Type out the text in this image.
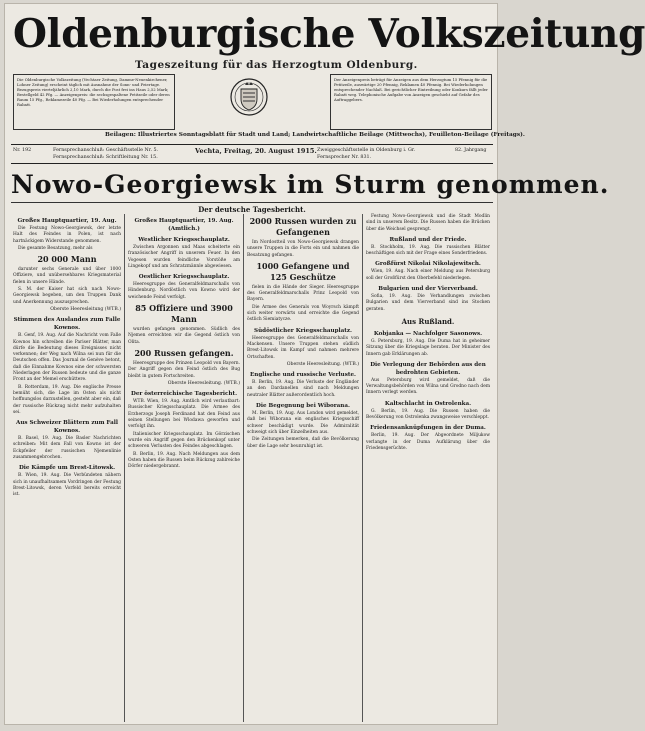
Oldenburgische Volkszeitung
Tageszeitung für das Herzogtum Oldenburg.
Die Oldenburgische Volkszeitung (Vechtaer Zeitung, Damme-Neuenkirchener, Lohner Zeitung) erscheint täglich mit Ausnahme der Sonn- und Feiertage. Bezugspreis vierteljährlich 2,10 Mark, durch die Post frei ins Haus 2,52 Mark; Bestellgeld 42 Pfg. — Anzeigenpreis: die sechsgespaltene Petitzeile oder deren Raum 15 Pfg., Reklamezeile 40 Pfg. — Bei Wiederholungen entsprechender Rabatt.
Der Anzeigenpreis beträgt für Anzeigen aus dem Herzogtum 15 Pfennig für die Petitzeile, auswärtige 20 Pfennig, Reklamen 40 Pfennig. Bei Wiederholungen entsprechender Nachlaß. Bei gerichtlicher Eintreibung oder Konkurs fällt jeder Rabatt weg. Telephonische Aufgabe von Anzeigen geschieht auf Gefahr des Auftraggebers.
Beilagen: Illustriertes Sonntagsblatt für Stadt und Land; Landwirtschaftliche Beilage (Mittwochs), Feuilleton-Beilage (Freitags).
Nr. 192	Fernsprechanschluß: Geschäftsstelle Nr. 5. Fernsprechanschluß: Schriftleitung Nr. 15.
Vechta, Freitag, 20. August 1915. Zweiggeschäftsstelle in Oldenburg i. Gr. Fernsprecher Nr. 831.
82. Jahrgang
Nowo-Georgiewsk im Sturm genommen.
Der deutsche Tagesbericht.

Großes Hauptquartier, 19. Aug.

Die Festung Nowo-Georgiewsk, der letzte Halt des Feindes in Polen, ist nach hartnäckigem Widerstande genommen.

Die gesamte Besatzung, mehr als

20 000 Mann

darunter sechs Generale und über 1000 Offiziere, und unübersehbares Kriegsmaterial fielen in unsere Hände.

S. M. der Kaiser hat sich nach Nowo-Georgiewsk begeben, um den Truppen Dank und Anerkennung auszusprechen.

Oberste Heeresleitung (WTB.)

Stimmen des Auslandes zum Falle Kownos.

B. Genf, 19. Aug. Auf die Nachricht vom Falle Kownos hin schreiben die Pariser Blätter, man dürfe die Bedeutung dieses Ereignisses nicht verkennen; der Weg nach Wilna sei nun für die Deutschen offen. Das Journal de Genève betont, daß die Einnahme Kownos eine der schwersten Niederlagen der Russen bedeute und die ganze Front an der Memel erschüttere.

B. Rotterdam, 19. Aug. Die englische Presse bemüht sich, die Lage im Osten als nicht hoffnungslos darzustellen, gesteht aber ein, daß der russische Rückzug nicht mehr aufzuhalten sei.

Aus Schweizer Blättern zum Fall Kownos.

B. Basel, 19. Aug. Die Basler Nachrichten schreiben: Mit dem Fall von Kowno ist der Eckpfeiler der russischen Njemenlinie zusammengebrochen.

Die Kämpfe um Brest-Litowsk.

B. Wien, 19. Aug. Die Verbündeten nähern sich in unaufhaltsamem Vordringen der Festung Brest-Litowsk, deren Vorfeld bereits erreicht ist.

Großes Hauptquartier, 19. Aug. (Amtlich.)

Westlicher Kriegsschauplatz.

Zwischen Argonnen und Maas scheiterte ein französischer Angriff in unserem Feuer. In den Vogesen wurden feindliche Vorstöße am Lingekopf und am Schratzmännle abgewiesen.

Oestlicher Kriegsschauplatz.

Heeresgruppe des Generalfeldmarschalls von Hindenburg. Nordöstlich von Kowno wird der weichende Feind verfolgt.

85 Offiziere und 3900 Mann

wurden gefangen genommen. Südlich des Njemen erreichten wir die Gegend östlich von Olita.

200 Russen gefangen.

Heeresgruppe des Prinzen Leopold von Bayern. Der Angriff gegen den Feind östlich des Bug bleibt in gutem Fortschreiten.

Oberste Heeresleitung. (WTB.)

Der österreichische Tagesbericht.

WTB. Wien, 19. Aug. Amtlich wird verlautbart: Russischer Kriegsschauplatz. Die Armee des Erzherzogs Joseph Ferdinand hat den Feind aus seinen Stellungen bei Wlodawa geworfen und verfolgt ihn.

Italienischer Kriegsschauplatz. Im Görzischen wurde ein Angriff gegen den Brückenkopf unter schweren Verlusten des Feindes abgeschlagen.

B. Berlin, 19. Aug. Nach Meldungen aus dem Osten haben die Russen beim Rückzug zahlreiche Dörfer niedergebrannt.

2000 Russen wurden zu Gefangenen

Im Nordostteil von Nowo-Georgiewsk drangen unsere Truppen in die Forts ein und nahmen die Besatzung gefangen.

1000 Gefangene und 125 Geschütze

fielen in die Hände der Sieger. Heeresgruppe des Generalfeldmarschalls Prinz Leopold von Bayern.

Die Armee des Generals von Woyrsch kämpft sich weiter vorwärts und erreichte die Gegend östlich Siemiatycze.

Südöstlicher Kriegsschauplatz.

Heeresgruppe des Generalfeldmarschalls von Mackensen. Unsere Truppen stehen südlich Brest-Litowsk im Kampf und nahmen mehrere Ortschaften.

Oberste Heeresleitung. (WTB.)

Englische und russische Verluste.

B. Berlin, 19. Aug. Die Verluste der Engländer an den Dardanellen sind nach Meldungen neutraler Blätter außerordentlich hoch.

Die Begegnung bei Wiborana.

M. Berlin, 19. Aug. Aus London wird gemeldet, daß bei Wiborana ein englisches Kriegsschiff schwer beschädigt wurde. Die Admiralität schweigt sich über Einzelheiten aus.

Die Zeitungen bemerken, daß die Bevölkerung über die Lage sehr beunruhigt ist.

Festung Nowo-Georgiewsk und die Stadt Modlin sind in unserem Besitz. Die Russen haben die Brücken über die Weichsel gesprengt.

Rußland und der Friede.

B. Stockholm, 19. Aug. Die russischen Blätter beschäftigen sich mit der Frage eines Sonderfriedens.

Großfürst Nikolai Nikolajewitsch.

Wien, 19. Aug. Nach einer Meldung aus Petersburg soll der Großfürst den Oberbefehl niederlegen.

Bulgarien und der Vierverband.

Sofia, 19. Aug. Die Verhandlungen zwischen Bulgarien und dem Vierverband sind ins Stocken geraten.

Aus Rußland.

Kobjanka — Nachfolger Sasonows.

G. Petersburg, 19. Aug. Die Duma hat in geheimer Sitzung über die Kriegslage beraten. Der Minister des Innern gab Erklärungen ab.

Die Verlegung der Behörden aus den bedrohten Gebieten.

Aus Petersburg wird gemeldet, daß die Verwaltungsbehörden von Wilna und Grodno nach dem Innern verlegt werden.

Kaltschlacht in Ostrolenka.

G. Berlin, 19. Aug. Die Russen haben die Bevölkerung von Ostrolenka zwangsweise verschleppt.

Friedensanknüpfungen in der Duma.

Berlin, 19. Aug. Der Abgeordnete Miljukow verlangte in der Duma Aufklärung über die Friedensgerüchte.
